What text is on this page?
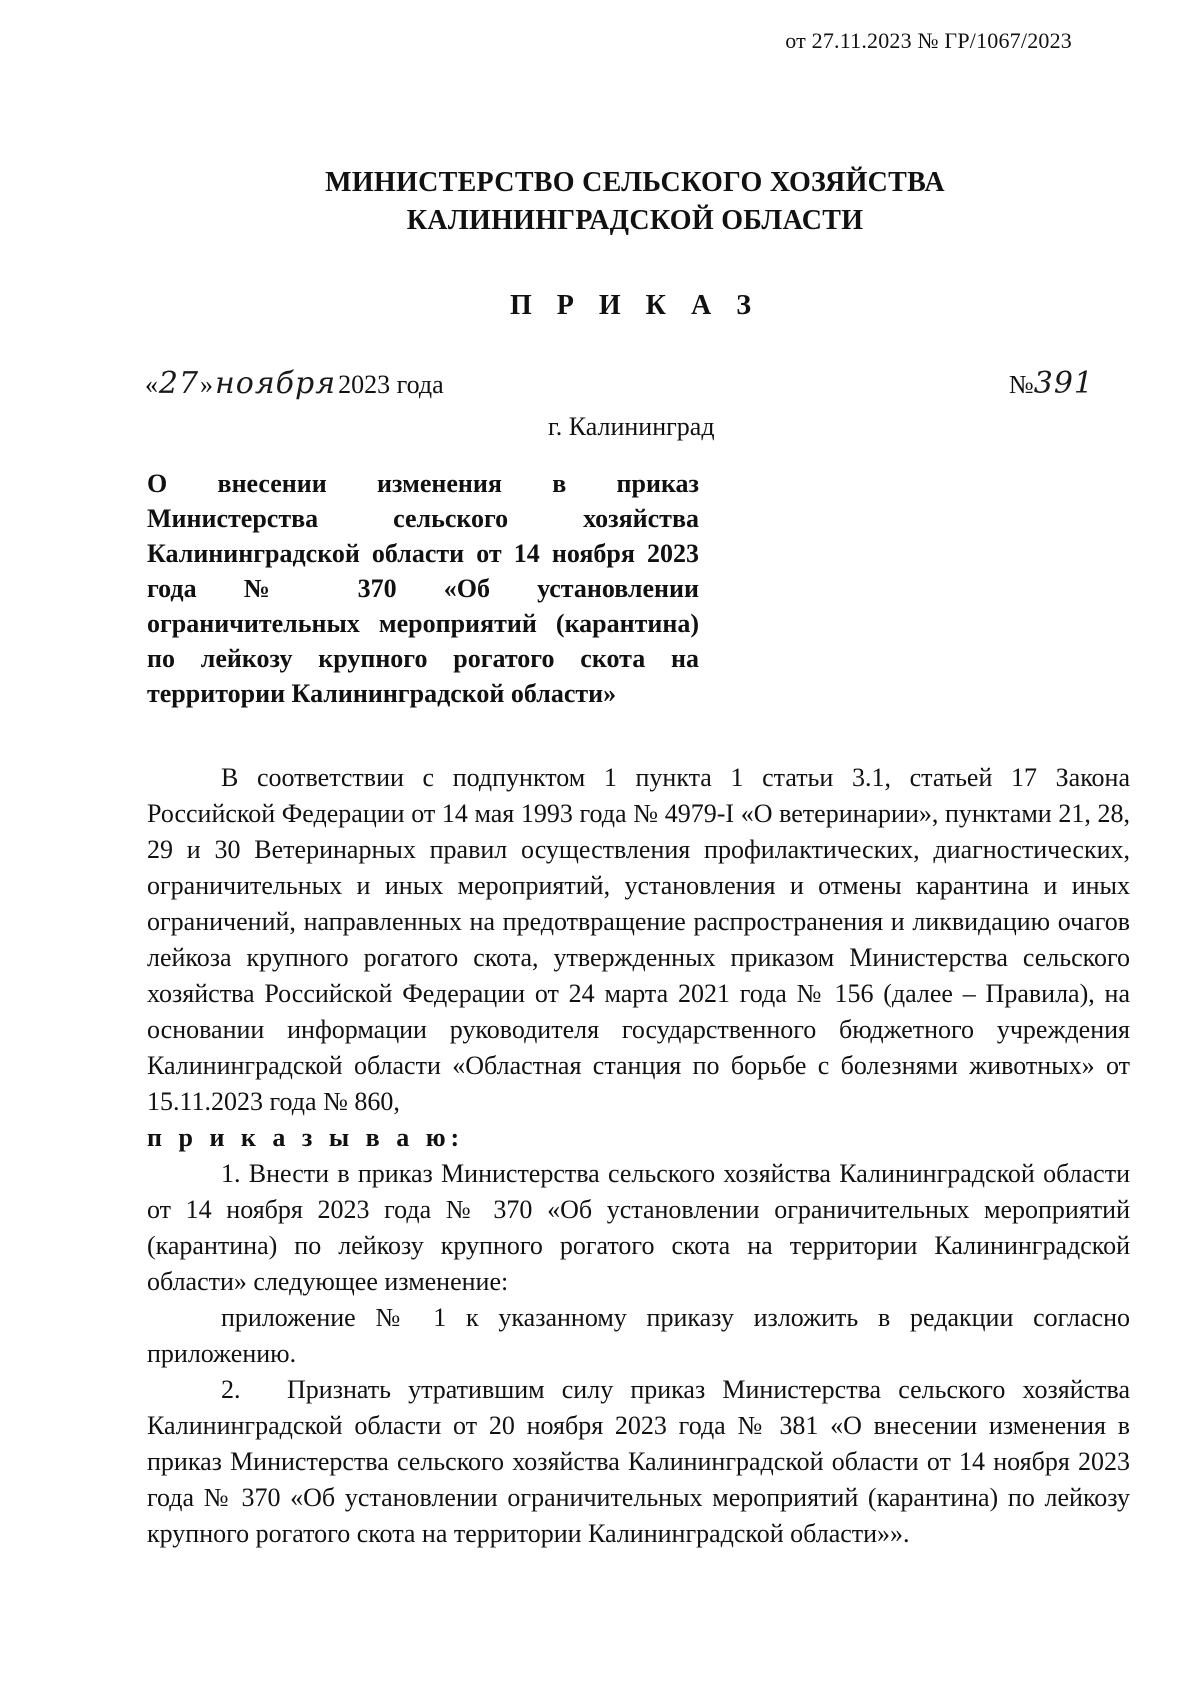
от 27.11.2023 № ГР/1067/2023
МИНИСТЕРСТВО СЕЛЬСКОГО ХОЗЯЙСТВА
КАЛИНИНГРАДСКОЙ ОБЛАСТИ
П Р И К А З
« 27 » ноября 2023 года	№ 391
г. Калининград
О внесении изменения в приказ Министерства сельского хозяйства Калининградской области от 14 ноября 2023 года № 370 «Об установлении ограничительных мероприятий (карантина) по лейкозу крупного рогатого скота на территории Калининградской области»

В соответствии с подпунктом 1 пункта 1 статьи 3.1, статьей 17 Закона Российской Федерации от 14 мая 1993 года № 4979-I «О ветеринарии», пунктами 21, 28, 29 и 30 Ветеринарных правил осуществления профилактических, диагностических, ограничительных и иных мероприятий, установления и отмены карантина и иных ограничений, направленных на предотвращение распространения и ликвидацию очагов лейкоза крупного рогатого скота, утвержденных приказом Министерства сельского хозяйства Российской Федерации от 24 марта 2021 года № 156 (далее – Правила), на основании информации руководителя государственного бюджетного учреждения Калининградской области «Областная станция по борьбе с болезнями животных» от 15.11.2023 года № 860,

п р и к а з ы в а ю:

1. Внести в приказ Министерства сельского хозяйства Калининградской области от 14 ноября 2023 года № 370 «Об установлении ограничительных мероприятий (карантина) по лейкозу крупного рогатого скота на территории Калининградской области» следующее изменение:

приложение № 1 к указанному приказу изложить в редакции согласно приложению.

2. Признать утратившим силу приказ Министерства сельского хозяйства Калининградской области от 20 ноября 2023 года № 381 «О внесении изменения в приказ Министерства сельского хозяйства Калининградской области от 14 ноября 2023 года № 370 «Об установлении ограничительных мероприятий (карантина) по лейкозу крупного рогатого скота на территории Калининградской области»».
